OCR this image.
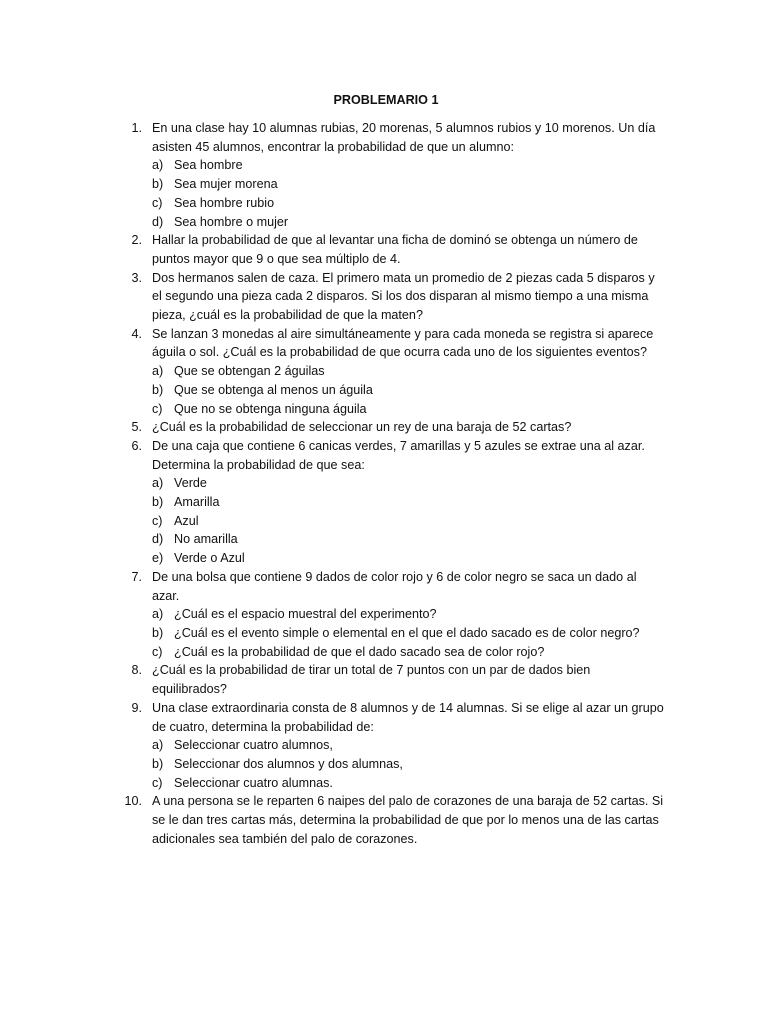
PROBLEMARIO 1
1. En una clase hay 10 alumnas rubias, 20 morenas, 5 alumnos rubios y 10 morenos. Un día asisten 45 alumnos, encontrar la probabilidad de que un alumno:
a) Sea hombre
b) Sea mujer morena
c) Sea hombre rubio
d) Sea hombre o mujer
2. Hallar la probabilidad de que al levantar una ficha de dominó se obtenga un número de puntos mayor que 9 o que sea múltiplo de 4.
3. Dos hermanos salen de caza. El primero mata un promedio de 2 piezas cada 5 disparos y el segundo una pieza cada 2 disparos. Si los dos disparan al mismo tiempo a una misma pieza, ¿cuál es la probabilidad de que la maten?
4. Se lanzan 3 monedas al aire simultáneamente y para cada moneda se registra si aparece águila o sol. ¿Cuál es la probabilidad de que ocurra cada uno de los siguientes eventos?
a) Que se obtengan 2 águilas
b) Que se obtenga al menos un águila
c) Que no se obtenga ninguna águila
5. ¿Cuál es la probabilidad de seleccionar un rey de una baraja de 52 cartas?
6. De una caja que contiene 6 canicas verdes, 7 amarillas y 5 azules se extrae una al azar. Determina la probabilidad de que sea:
a) Verde
b) Amarilla
c) Azul
d) No amarilla
e) Verde o Azul
7. De una bolsa que contiene 9 dados de color rojo y 6 de color negro se saca un dado al azar.
a) ¿Cuál es el espacio muestral del experimento?
b) ¿Cuál es el evento simple o elemental en el que el dado sacado es de color negro?
c) ¿Cuál es la probabilidad de que el dado sacado sea de color rojo?
8. ¿Cuál es la probabilidad de tirar un total de 7 puntos con un par de dados bien equilibrados?
9. Una clase extraordinaria consta de 8 alumnos y de 14 alumnas. Si se elige al azar un grupo de cuatro, determina la probabilidad de:
a) Seleccionar cuatro alumnos,
b) Seleccionar dos alumnos y dos alumnas,
c) Seleccionar cuatro alumnas.
10. A una persona se le reparten 6 naipes del palo de corazones de una baraja de 52 cartas. Si se le dan tres cartas más, determina la probabilidad de que por lo menos una de las cartas adicionales sea también del palo de corazones.
